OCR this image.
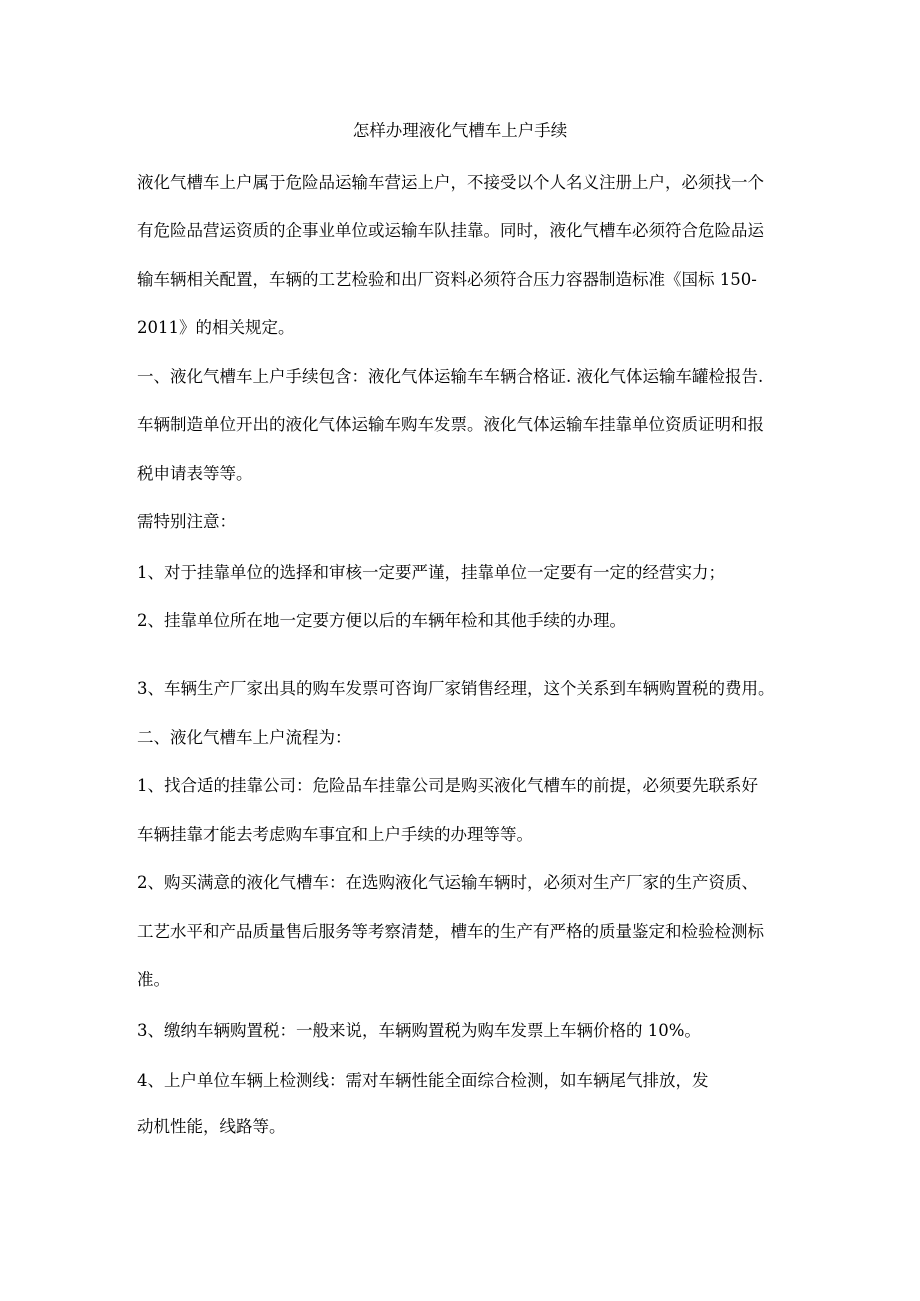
怎样办理液化气槽车上户手续
液化气槽车上户属于危险品运输车营运上户，不接受以个人名义注册上户，必须找一个
有危险品营运资质的企事业单位或运输车队挂靠。同时，液化气槽车必须符合危险品运
输车辆相关配置，车辆的工艺检验和出厂资料必须符合压力容器制造标准《国标 150-
2011》的相关规定。
一、液化气槽车上户手续包含：液化气体运输车车辆合格证. 液化气体运输车罐检报告.
车辆制造单位开出的液化气体运输车购车发票。液化气体运输车挂靠单位资质证明和报
税申请表等等。
需特别注意：
1、对于挂靠单位的选择和审核一定要严谨，挂靠单位一定要有一定的经营实力；
2、挂靠单位所在地一定要方便以后的车辆年检和其他手续的办理。
3、车辆生产厂家出具的购车发票可咨询厂家销售经理，这个关系到车辆购置税的费用。
二、液化气槽车上户流程为：
1、找合适的挂靠公司：危险品车挂靠公司是购买液化气槽车的前提，必须要先联系好
车辆挂靠才能去考虑购车事宜和上户手续的办理等等。
2、购买满意的液化气槽车：在选购液化气运输车辆时，必须对生产厂家的生产资质、
工艺水平和产品质量售后服务等考察清楚，槽车的生产有严格的质量鉴定和检验检测标
准。
3、缴纳车辆购置税：一般来说，车辆购置税为购车发票上车辆价格的 10%。
4、上户单位车辆上检测线：需对车辆性能全面综合检测，如车辆尾气排放，发
动机性能，线路等。
